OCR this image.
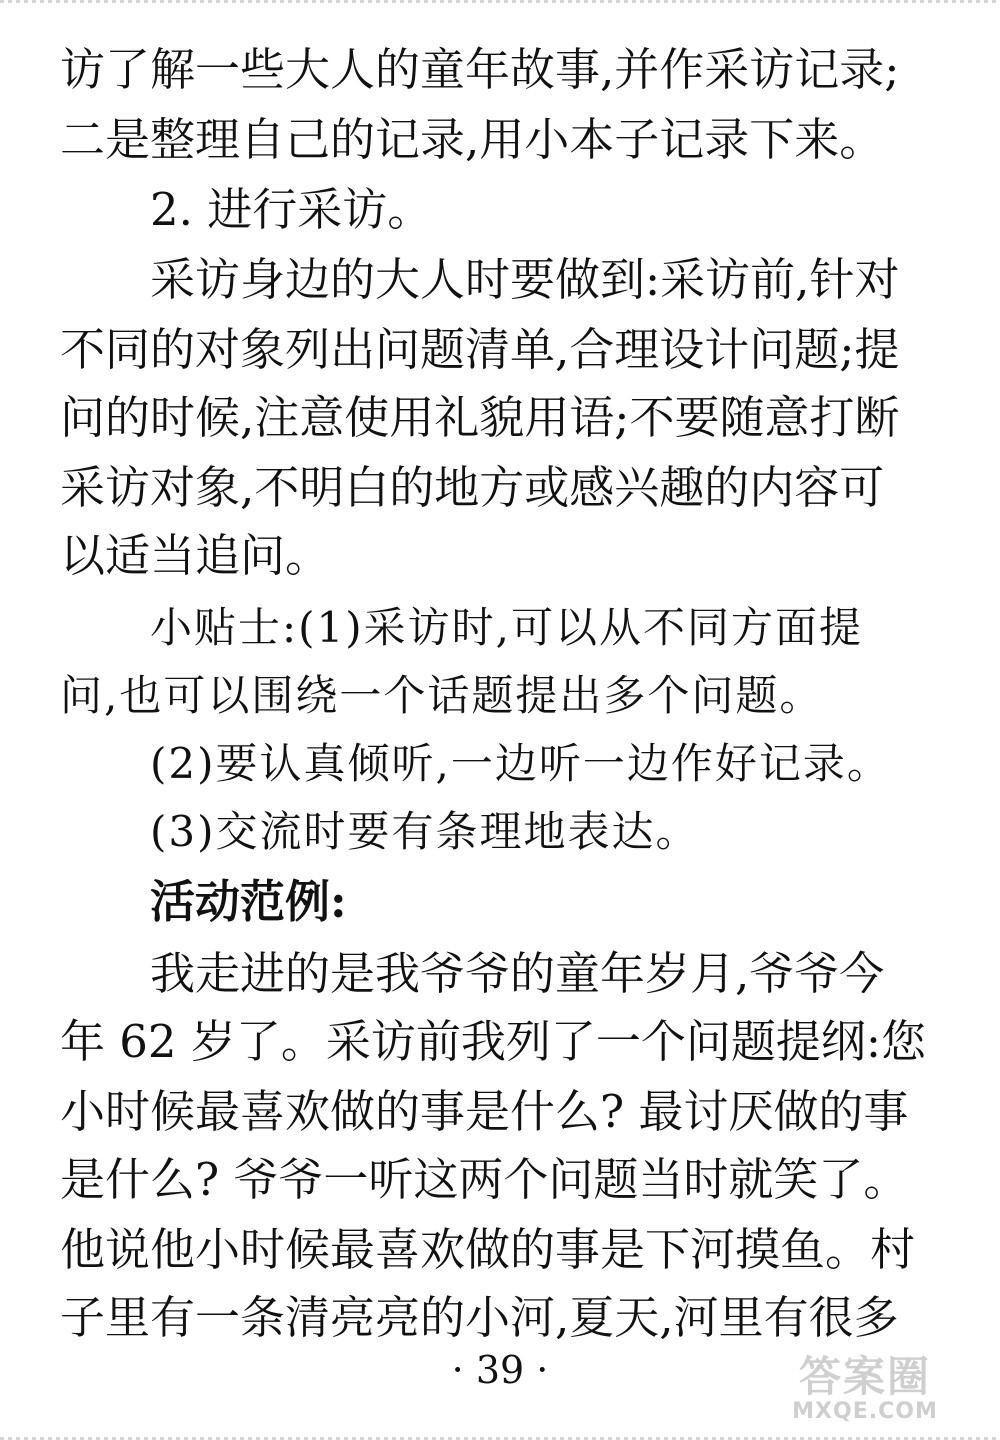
访了解一些大人的童年故事,并作采访记录;
二是整理自己的记录,用小本子记录下来。
2. 进行采访。
采访身边的大人时要做到:采访前,针对
不同的对象列出问题清单,合理设计问题;提
问的时候,注意使用礼貌用语;不要随意打断
采访对象,不明白的地方或感兴趣的内容可
以适当追问。
小贴士:(1)采访时,可以从不同方面提
问,也可以围绕一个话题提出多个问题。
(2)要认真倾听,一边听一边作好记录。
(3)交流时要有条理地表达。
活动范例:
我走进的是我爷爷的童年岁月,爷爷今
年 62 岁了。采访前我列了一个问题提纲:您
小时候最喜欢做的事是什么? 最讨厌做的事
是什么? 爷爷一听这两个问题当时就笑了。
他说他小时候最喜欢做的事是下河摸鱼。村
子里有一条清亮亮的小河,夏天,河里有很多
· 39 ·	答案圈
MXQE.COM
